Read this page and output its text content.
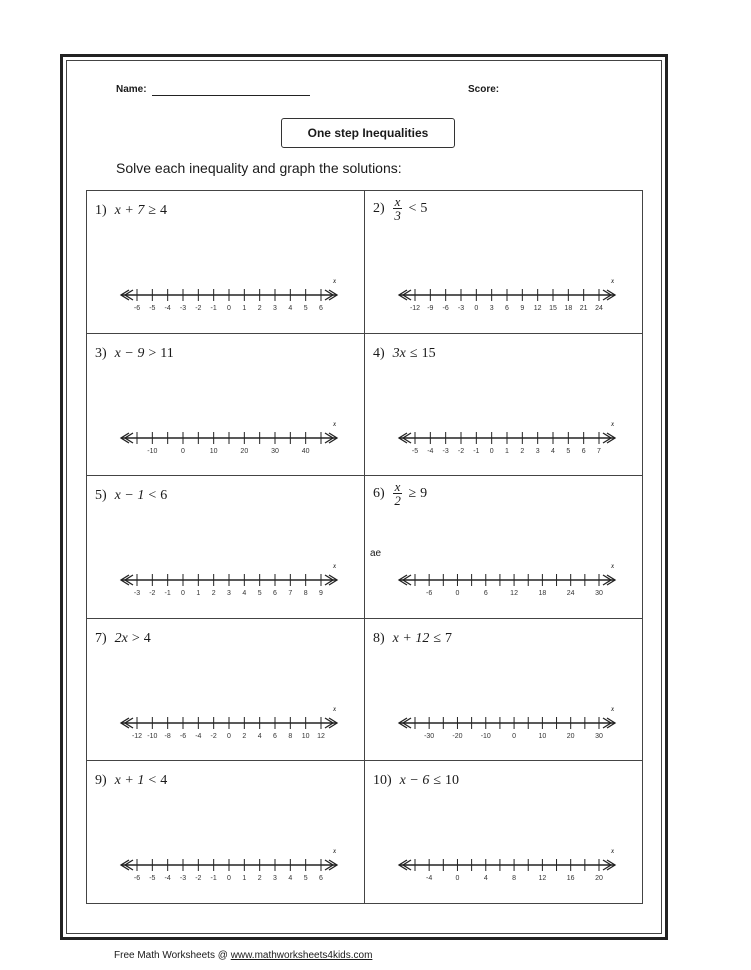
Name:	Score:
One step Inequalities
Solve each inequality and graph the solutions:
1) x + 7 ≥ 4
x
-6 -5 -4 -3 -2 -1 0 1 2 3 4 5 6
$2) \frac{x}{3} < 5$
x
-12 -9 -6 -3 0 3 6 9 12 15 18 21 24
3) x − 9 > 11
x
-10	0	10	20	30	40
4) 3x ≤ 15
x
-5 -4 -3 -2 -1 0 1 2 3 4 5 6 7
5) x − 1 < 6
x
-3 -2 -1 0 1 2 3 4 5 6 7 8 9
$6) \frac{x}{2} \ge 9$
x
-6	0	6	12	18	24	30
7) 2x > 4
x
-12 -10 -8 -6 -4 -2 0 2 4 6 8 10 12
8) x + 12 ≤ 7
x
-30	-20	-10	0	10	20	30
9) x + 1 < 4
x
-6 -5 -4 -3 -2 -1 0 1 2 3 4 5 6
10) x − 6 ≤ 10
x
-4	0	4	8	12	16	20
ae
Free Math Worksheets @ www.mathworksheets4kids.com
